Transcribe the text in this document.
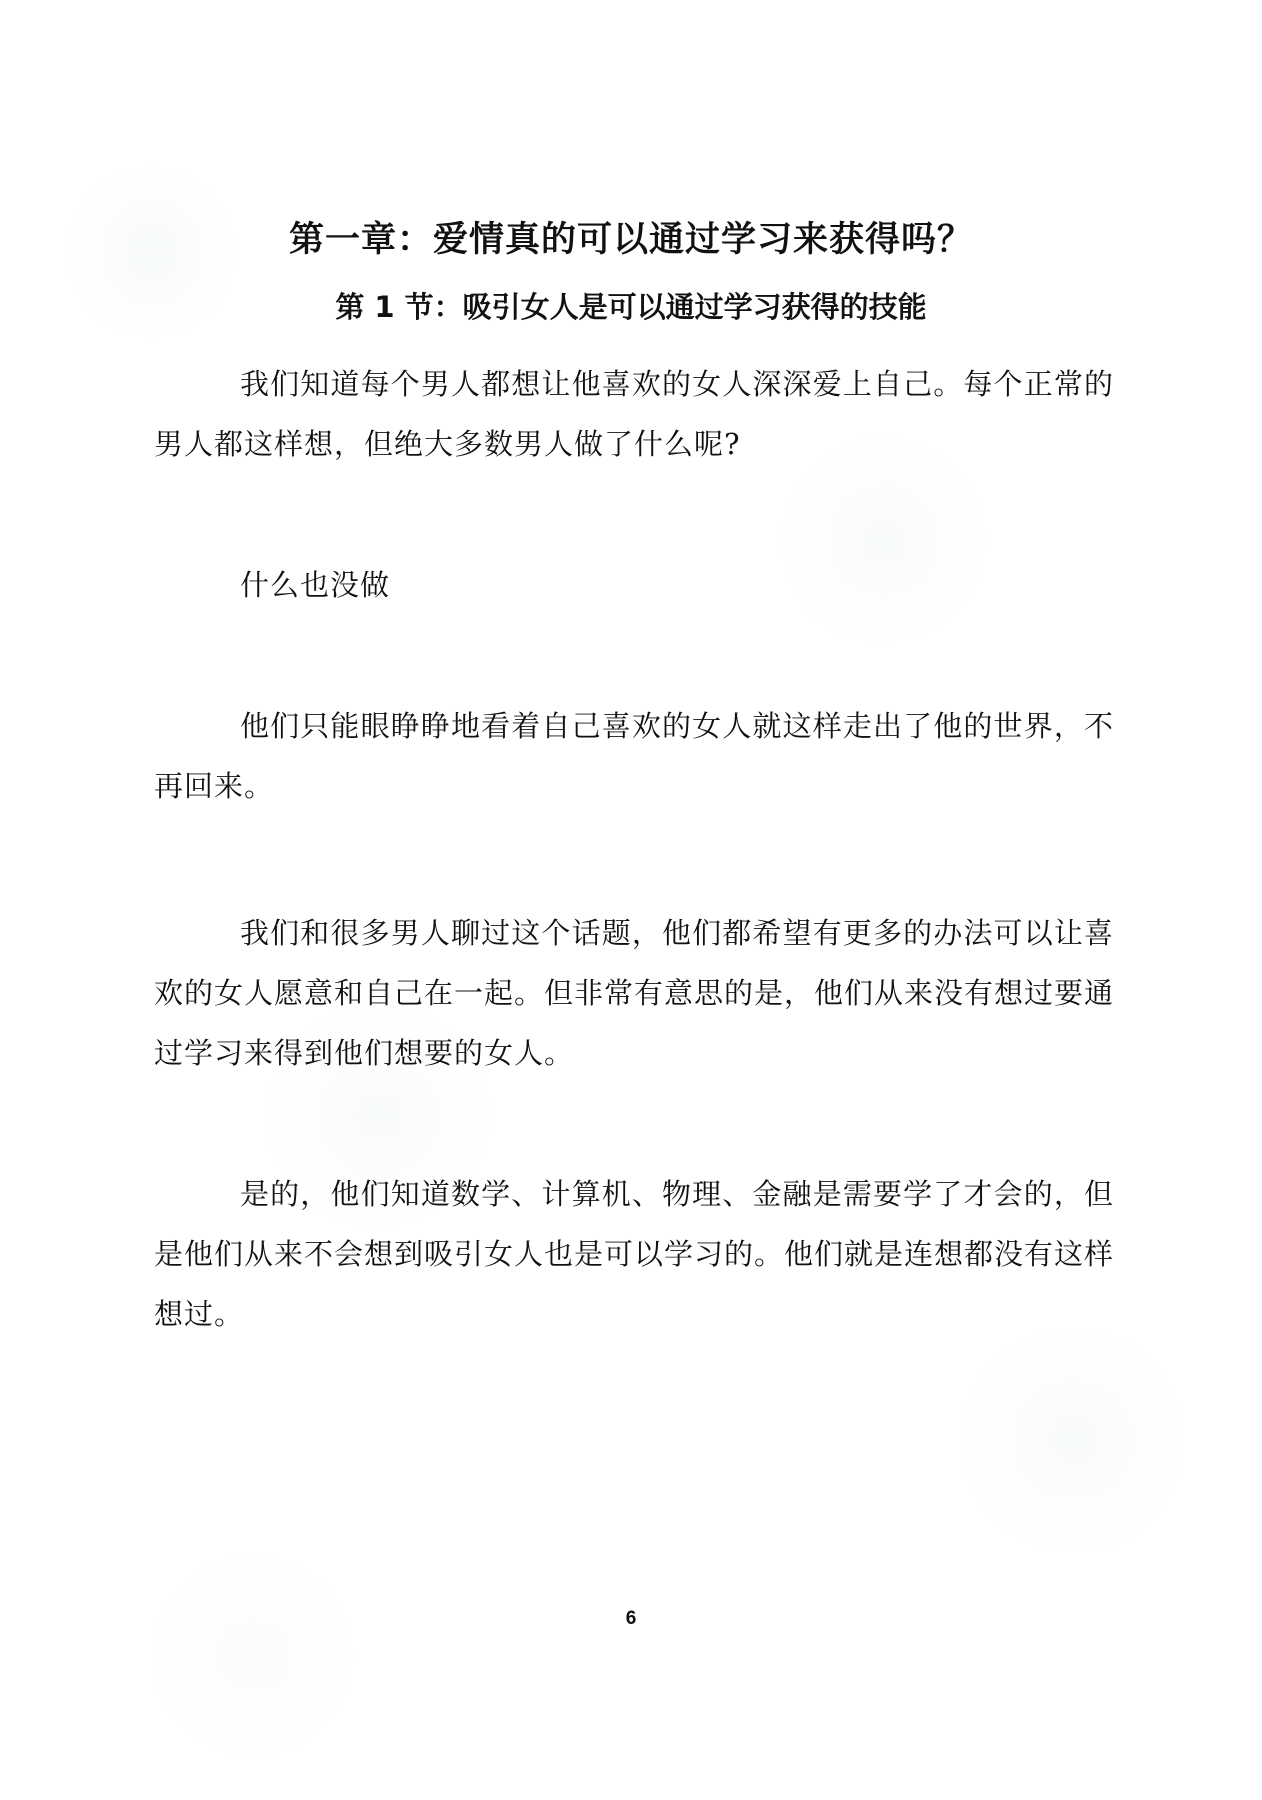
第一章：爱情真的可以通过学习来获得吗？
第 1 节：吸引女人是可以通过学习获得的技能

我们知道每个男人都想让他喜欢的女人深深爱上自己。每个正常的男人都这样想，但绝大多数男人做了什么呢?

什么也没做

他们只能眼睁睁地看着自己喜欢的女人就这样走出了他的世界，不再回来。

我们和很多男人聊过这个话题，他们都希望有更多的办法可以让喜欢的女人愿意和自己在一起。但非常有意思的是，他们从来没有想过要通过学习来得到他们想要的女人。

是的，他们知道数学、计算机、物理、金融是需要学了才会的，但是他们从来不会想到吸引女人也是可以学习的。他们就是连想都没有这样想过。

6
